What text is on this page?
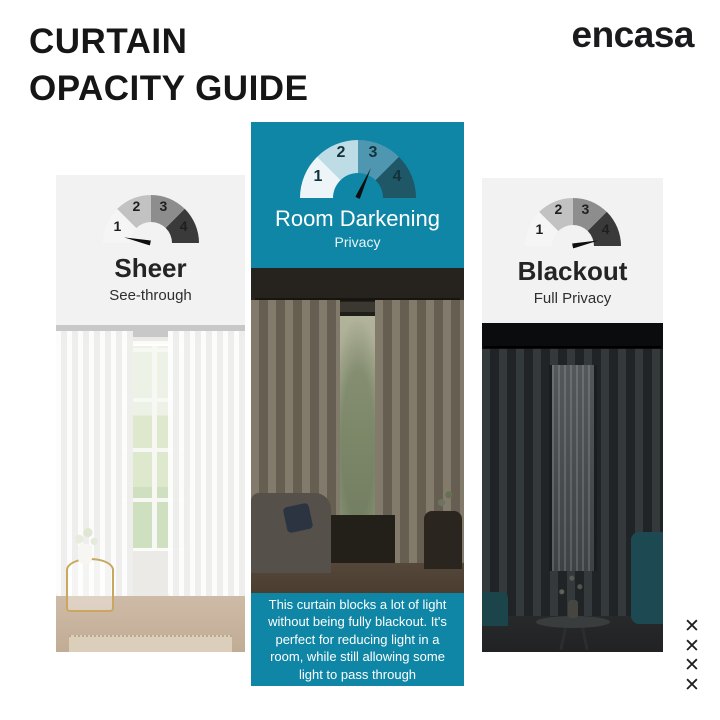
CURTAIN
OPACITY GUIDE
encasa
1
2 3
4
Sheer
See-through
1
2 3
4
Room Darkening
Privacy

This curtain blocks a lot of light without being fully blackout. It's perfect for reducing light in a room, while still allowing some light to pass through

1
2 3
4
Blackout
Full Privacy
✕
✕
✕
✕
